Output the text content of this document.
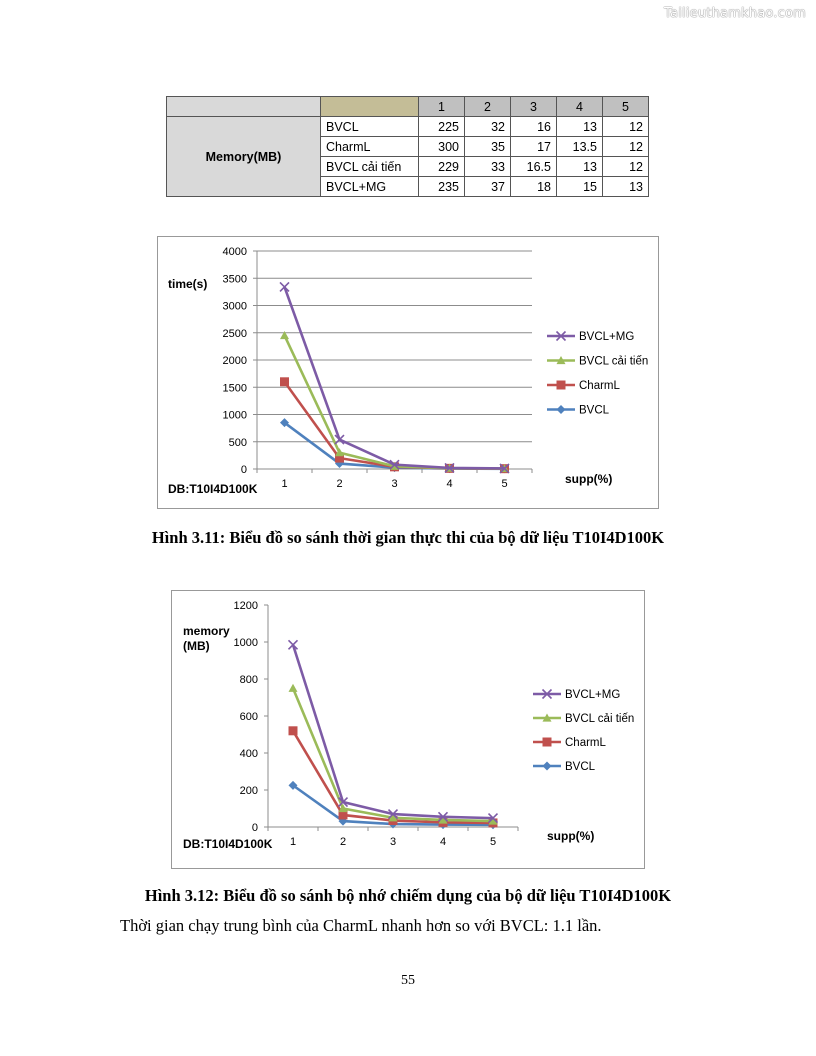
Tailieuthamkhao.com
		1	2	3	4	5
Memory(MB)	BVCL	225	32	16	13	12
	CharmL	300	35	17	13.5	12
	BVCL cải tiến	229	33	16.5	13	12
	BVCL+MG	235	37	18	15	13
0
500
1000
1500
2000
2500
3000
3500
4000
1	2	3	4	5
time(s)
supp(%)
DB:T10I4D100K
BVCL+MG
BVCL cải tiến
CharmL
BVCL
Hình 3.11: Biểu đồ so sánh thời gian thực thi của bộ dữ liệu T10I4D100K
0
200
400
600
800
1000
1200
1	2	3	4	5
memory
(MB)
supp(%)
DB:T10I4D100K
BVCL+MG
BVCL cải tiến
CharmL
BVCL
Hình 3.12: Biểu đồ so sánh bộ nhớ chiếm dụng của bộ dữ liệu T10I4D100K
Thời gian chạy trung bình của CharmL nhanh hơn so với BVCL: 1.1 lần.
55
